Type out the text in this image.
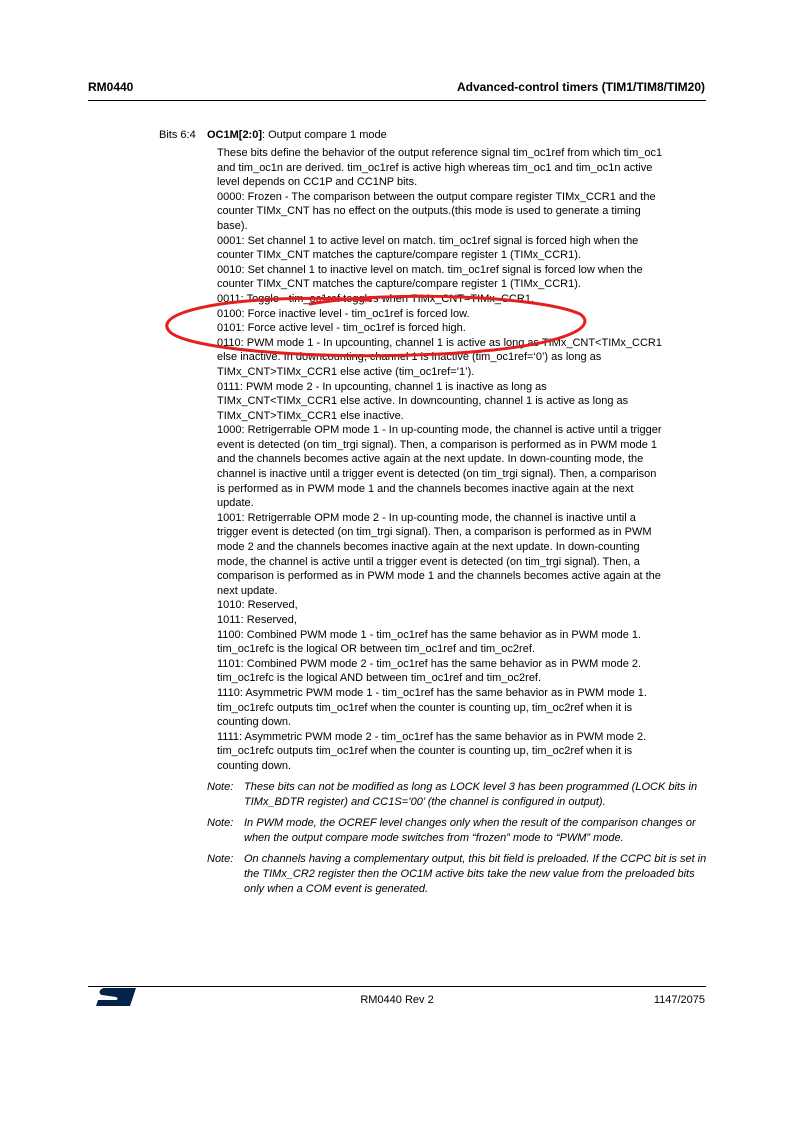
RM0440	Advanced-control timers (TIM1/TIM8/TIM20)
Bits 6:4 OC1M[2:0]: Output compare 1 mode
These bits define the behavior of the output reference signal tim_oc1ref from which tim_oc1
and tim_oc1n are derived. tim_oc1ref is active high whereas tim_oc1 and tim_oc1n active
level depends on CC1P and CC1NP bits.
0000: Frozen - The comparison between the output compare register TIMx_CCR1 and the
counter TIMx_CNT has no effect on the outputs.(this mode is used to generate a timing
base).
0001: Set channel 1 to active level on match. tim_oc1ref signal is forced high when the
counter TIMx_CNT matches the capture/compare register 1 (TIMx_CCR1).
0010: Set channel 1 to inactive level on match. tim_oc1ref signal is forced low when the
counter TIMx_CNT matches the capture/compare register 1 (TIMx_CCR1).
0011: Toggle - tim_oc1ref toggles when TIMx_CNT=TIMx_CCR1.
0100: Force inactive level - tim_oc1ref is forced low.
0101: Force active level - tim_oc1ref is forced high.
0110: PWM mode 1 - In upcounting, channel 1 is active as long as TIMx_CNT<TIMx_CCR1
else inactive. In downcounting, channel 1 is inactive (tim_oc1ref=‘0’) as long as
TIMx_CNT>TIMx_CCR1 else active (tim_oc1ref=’1’).
0111: PWM mode 2 - In upcounting, channel 1 is inactive as long as
TIMx_CNT<TIMx_CCR1 else active. In downcounting, channel 1 is active as long as
TIMx_CNT>TIMx_CCR1 else inactive.
1000: Retrigerrable OPM mode 1 - In up-counting mode, the channel is active until a trigger
event is detected (on tim_trgi signal). Then, a comparison is performed as in PWM mode 1
and the channels becomes active again at the next update. In down-counting mode, the
channel is inactive until a trigger event is detected (on tim_trgi signal). Then, a comparison
is performed as in PWM mode 1 and the channels becomes inactive again at the next
update.
1001: Retrigerrable OPM mode 2 - In up-counting mode, the channel is inactive until a
trigger event is detected (on tim_trgi signal). Then, a comparison is performed as in PWM
mode 2 and the channels becomes inactive again at the next update. In down-counting
mode, the channel is active until a trigger event is detected (on tim_trgi signal). Then, a
comparison is performed as in PWM mode 1 and the channels becomes active again at the
next update.
1010: Reserved,
1011: Reserved,
1100: Combined PWM mode 1 - tim_oc1ref has the same behavior as in PWM mode 1.
tim_oc1refc is the logical OR between tim_oc1ref and tim_oc2ref.
1101: Combined PWM mode 2 - tim_oc1ref has the same behavior as in PWM mode 2.
tim_oc1refc is the logical AND between tim_oc1ref and tim_oc2ref.
1110: Asymmetric PWM mode 1 - tim_oc1ref has the same behavior as in PWM mode 1.
tim_oc1refc outputs tim_oc1ref when the counter is counting up, tim_oc2ref when it is
counting down.
1111: Asymmetric PWM mode 2 - tim_oc1ref has the same behavior as in PWM mode 2.
tim_oc1refc outputs tim_oc1ref when the counter is counting up, tim_oc2ref when it is
counting down.
Note: These bits can not be modified as long as LOCK level 3 has been programmed (LOCK bits in TIMx_BDTR register) and CC1S=’00’ (the channel is configured in output).
Note: In PWM mode, the OCREF level changes only when the result of the comparison changes or when the output compare mode switches from “frozen” mode to “PWM” mode.
Note: On channels having a complementary output, this bit field is preloaded. If the CCPC bit is set in the TIMx_CR2 register then the OC1M active bits take the new value from the preloaded bits only when a COM event is generated.
RM0440 Rev 2	1147/2075
